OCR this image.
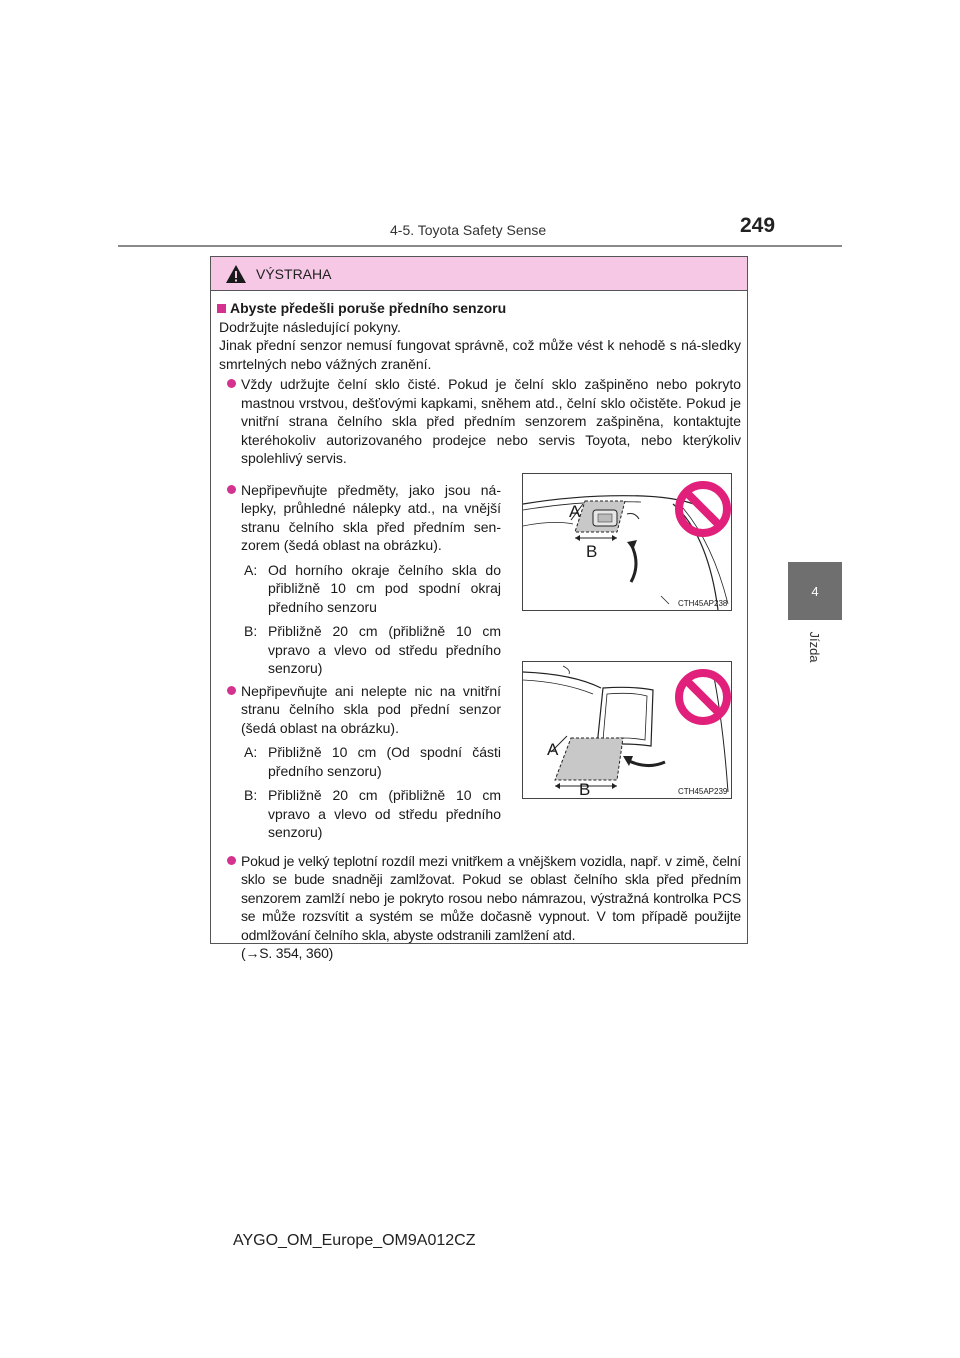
4-5. Toyota Safety Sense	249
4
Jízda
VÝSTRAHA
Abyste předešli poruše předního senzoru
Dodržujte následující pokyny.
Jinak přední senzor nemusí fungovat správně, což může vést k nehodě s ná-sledky smrtelných nebo vážných zranění.
Vždy udržujte čelní sklo čisté. Pokud je čelní sklo zašpiněno nebo pokryto mastnou vrstvou, dešťovými kapkami, sněhem atd., čelní sklo očistěte. Pokud je vnitřní strana čelního skla před předním senzorem zašpiněna, kontaktujte kteréhokoliv autorizovaného prodejce nebo servis Toyota, nebo kterýkoliv spolehlivý servis.
Nepřipevňujte předměty, jako jsou ná-lepky, průhledné nálepky atd., na vnější stranu čelního skla před předním sen-zorem (šedá oblast na obrázku).
A: Od horního okraje čelního skla do přibližně 10 cm pod spodní okraj předního senzoru
B: Přibližně 20 cm (přibližně 10 cm vpravo a vlevo od středu předního senzoru)
Nepřipevňujte ani nelepte nic na vnitřní stranu čelního skla pod přední senzor (šedá oblast na obrázku).
A: Přibližně 10 cm (Od spodní části předního senzoru)
B: Přibližně 20 cm (přibližně 10 cm vpravo a vlevo od středu předního senzoru)
Pokud je velký teplotní rozdíl mezi vnitřkem a vnějškem vozidla, např. v zimě, čelní sklo se bude snadněji zamlžovat. Pokud se oblast čelního skla před předním senzorem zamlží nebo je pokryto rosou nebo námrazou, výstražná kontrolka PCS se může rozsvítit a systém se může dočasně vypnout. V tom případě použijte odmlžování čelního skla, abyste odstranili zamlžení atd.
(→S. 354, 360)
A
B
CTH45AP238
A
B	CTH45AP239
AYGO_OM_Europe_OM9A012CZ
